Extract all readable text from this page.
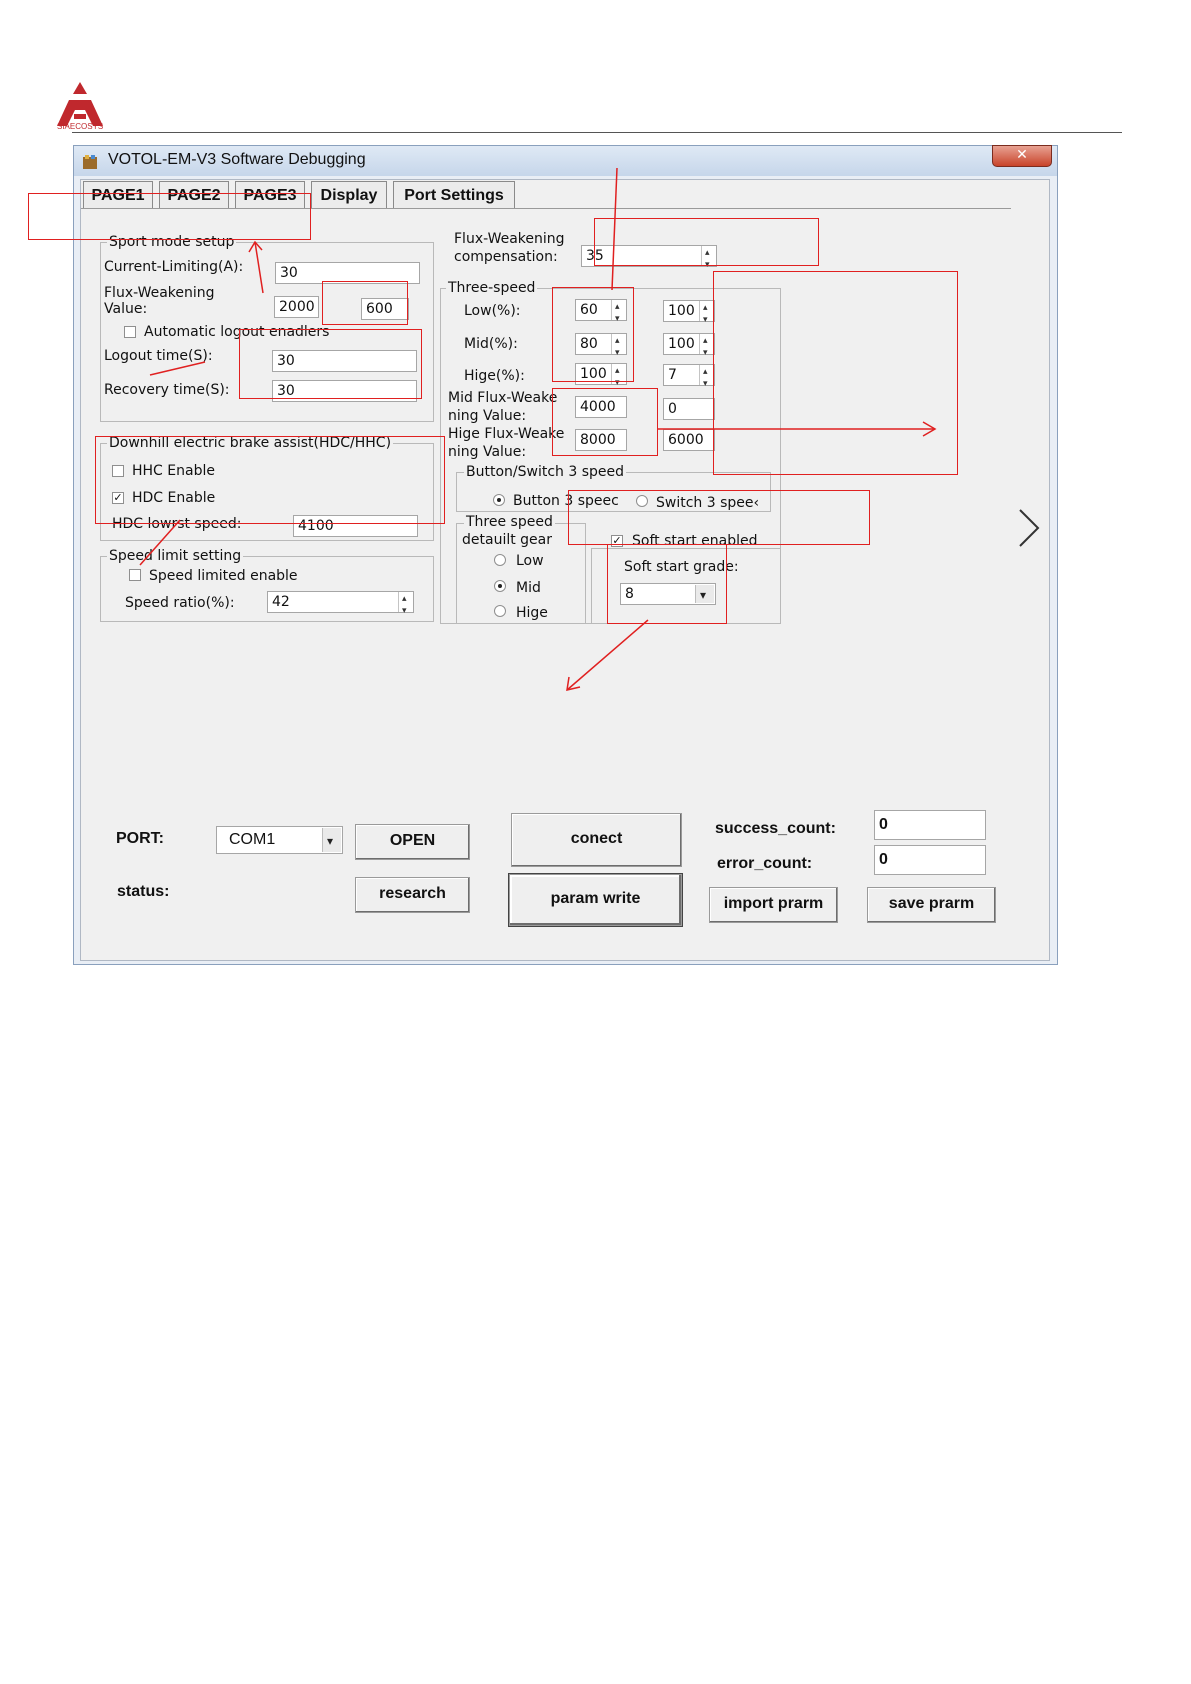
SIAECOSYS
VOTOL-EM-V3 Software Debugging	✕
PAGE1	PAGE2	PAGE3	Display	Port Settings
Sport mode setup
Current-Limiting(A):	30
Flux-Weakening
Value:	2000	600
Automatic logout enadlers
Logout time(S):	30
Recovery time(S):	30
Downhill electric brake assist(HDC/HHC)
HHC Enable
✓ HDC Enable
HDC lowrst speed:	4100
Speed limit setting
Speed limited enable
Speed ratio(%):	42
▴ ▾
Flux-Weakening
compensation:	35
▴ ▾
Three-speed
Low(%):	60 ▴ ▾	100
▴ ▾
Mid(%):	80 ▴ ▾	100
▴ ▾
Hige(%):	100 ▴ ▾	7
▴ ▾
Mid Flux-Weake
ning Value:
4000	0
Hige Flux-Weake
ning Value:
8000	6000
Button/Switch 3 speed
Button 3 speec	Switch 3 spee‹
Three speed
detauilt gear
Low
Mid
Hige
✓ Soft start enabled
Soft start grade:
8
▾
PORT:	COM1 ▾	OPEN
status:	research
conect
param write
success_count:	0
error_count:	0
import prarm	save prarm
